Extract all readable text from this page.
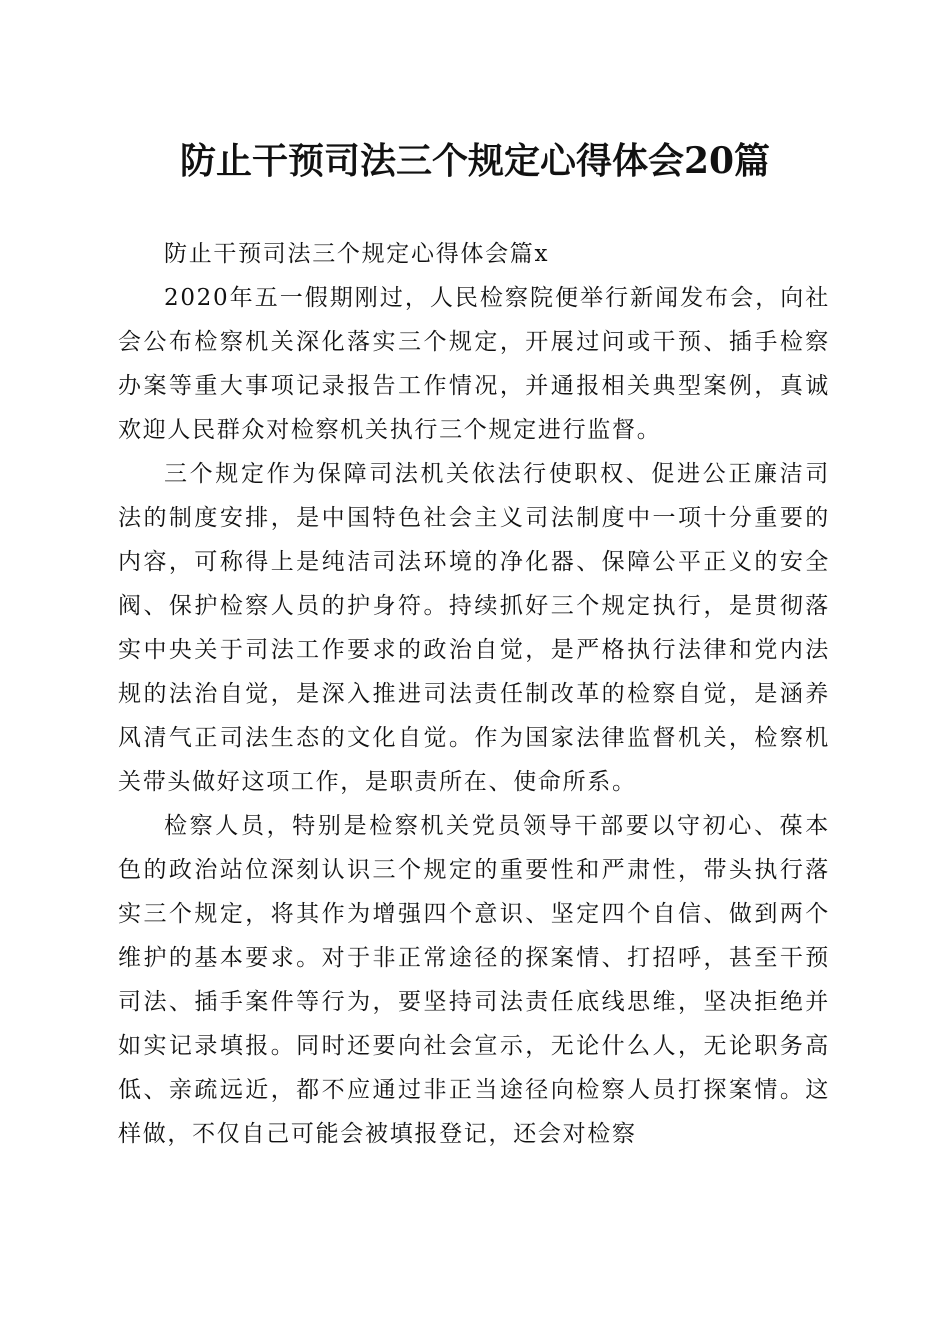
防止干预司法三个规定心得体会20篇

防止干预司法三个规定心得体会篇x

2020年五一假期刚过，人民检察院便举行新闻发布会，向社会公布检察机关深化落实三个规定，开展过问或干预、插手检察办案等重大事项记录报告工作情况，并通报相关典型案例，真诚欢迎人民群众对检察机关执行三个规定进行监督。

三个规定作为保障司法机关依法行使职权、促进公正廉洁司法的制度安排，是中国特色社会主义司法制度中一项十分重要的内容，可称得上是纯洁司法环境的净化器、保障公平正义的安全阀、保护检察人员的护身符。持续抓好三个规定执行，是贯彻落实中央关于司法工作要求的政治自觉，是严格执行法律和党内法规的法治自觉，是深入推进司法责任制改革的检察自觉，是涵养风清气正司法生态的文化自觉。作为国家法律监督机关，检察机关带头做好这项工作，是职责所在、使命所系。

检察人员，特别是检察机关党员领导干部要以守初心、葆本色的政治站位深刻认识三个规定的重要性和严肃性，带头执行落实三个规定，将其作为增强四个意识、坚定四个自信、做到两个维护的基本要求。对于非正常途径的探案情、打招呼，甚至干预司法、插手案件等行为，要坚持司法责任底线思维，坚决拒绝并如实记录填报。同时还要向社会宣示，无论什么人，无论职务高低、亲疏远近，都不应通过非正当途径向检察人员打探案情。这样做，不仅自己可能会被填报登记，还会对检察
